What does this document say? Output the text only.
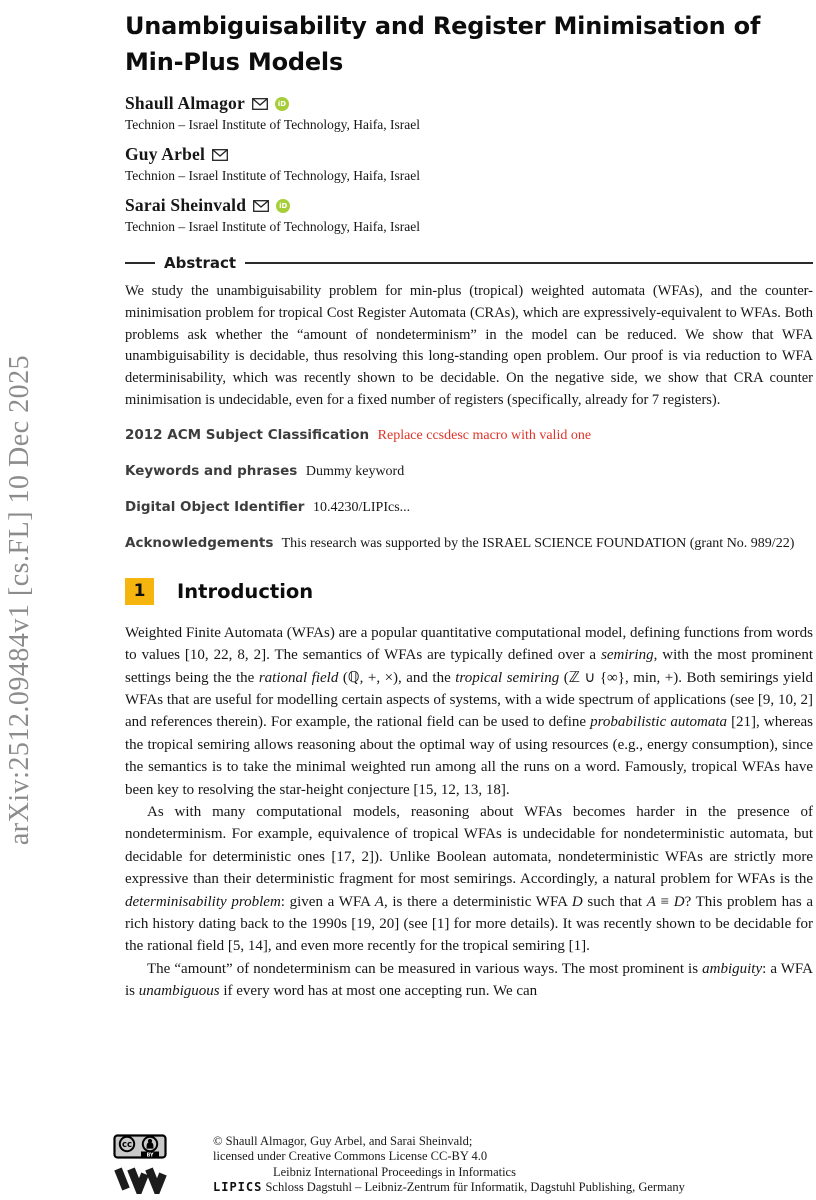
arXiv:2512.09484v1 [cs.FL] 10 Dec 2025
Unambiguisability and Register Minimisation of
Min-Plus Models
Shaull Almagor	iD
Technion – Israel Institute of Technology, Haifa, Israel
Guy Arbel
Technion – Israel Institute of Technology, Haifa, Israel
Sarai Sheinvald	iD
Technion – Israel Institute of Technology, Haifa, Israel
Abstract
We study the unambiguisability problem for min-plus (tropical) weighted automata (WFAs), and the counter-minimisation problem for tropical Cost Register Automata (CRAs), which are expressively-equivalent to WFAs. Both problems ask whether the “amount of nondeterminism” in the model can be reduced. We show that WFA unambiguisability is decidable, thus resolving this long-standing open problem. Our proof is via reduction to WFA determinisability, which was recently shown to be decidable. On the negative side, we show that CRA counter minimisation is undecidable, even for a fixed number of registers (specifically, already for 7 registers).
2012 ACM Subject Classification Replace ccsdesc macro with valid one
Keywords and phrases Dummy keyword
Digital Object Identifier 10.4230/LIPIcs...
Acknowledgements This research was supported by the ISRAEL SCIENCE FOUNDATION (grant No. 989/22)
1	Introduction
Weighted Finite Automata (WFAs) are a popular quantitative computational model, defining functions from words to values [10, 22, 8, 2]. The semantics of WFAs are typically defined over a semiring, with the most prominent settings being the the rational field (ℚ, +, ×), and the tropical semiring (ℤ ∪ {∞}, min, +). Both semirings yield WFAs that are useful for modelling certain aspects of systems, with a wide spectrum of applications (see [9, 10, 2] and references therein). For example, the rational field can be used to define probabilistic automata [21], whereas the tropical semiring allows reasoning about the optimal way of using resources (e.g., energy consumption), since the semantics is to take the minimal weighted run among all the runs on a word. Famously, tropical WFAs have been key to resolving the star-height conjecture [15, 12, 13, 18].
As with many computational models, reasoning about WFAs becomes harder in the presence of nondeterminism. For example, equivalence of tropical WFAs is undecidable for nondeterministic automata, but decidable for deterministic ones [17, 2]). Unlike Boolean automata, nondeterministic WFAs are strictly more expressive than their deterministic fragment for most semirings. Accordingly, a natural problem for WFAs is the determinisability problem: given a WFA A, is there a deterministic WFA D such that A ≡ D? This problem has a rich history dating back to the 1990s [19, 20] (see [1] for more details). It was recently shown to be decidable for the rational field [5, 14], and even more recently for the tropical semiring [1].
The “amount” of nondeterminism can be measured in various ways. The most prominent is ambiguity: a WFA is unambiguous if every word has at most one accepting run. We can
cc
BY
© Shaull Almagor, Guy Arbel, and Sarai Sheinvald;
licensed under Creative Commons License CC-BY 4.0
Leibniz International Proceedings in Informatics
LIPICS Schloss Dagstuhl – Leibniz-Zentrum für Informatik, Dagstuhl Publishing, Germany
